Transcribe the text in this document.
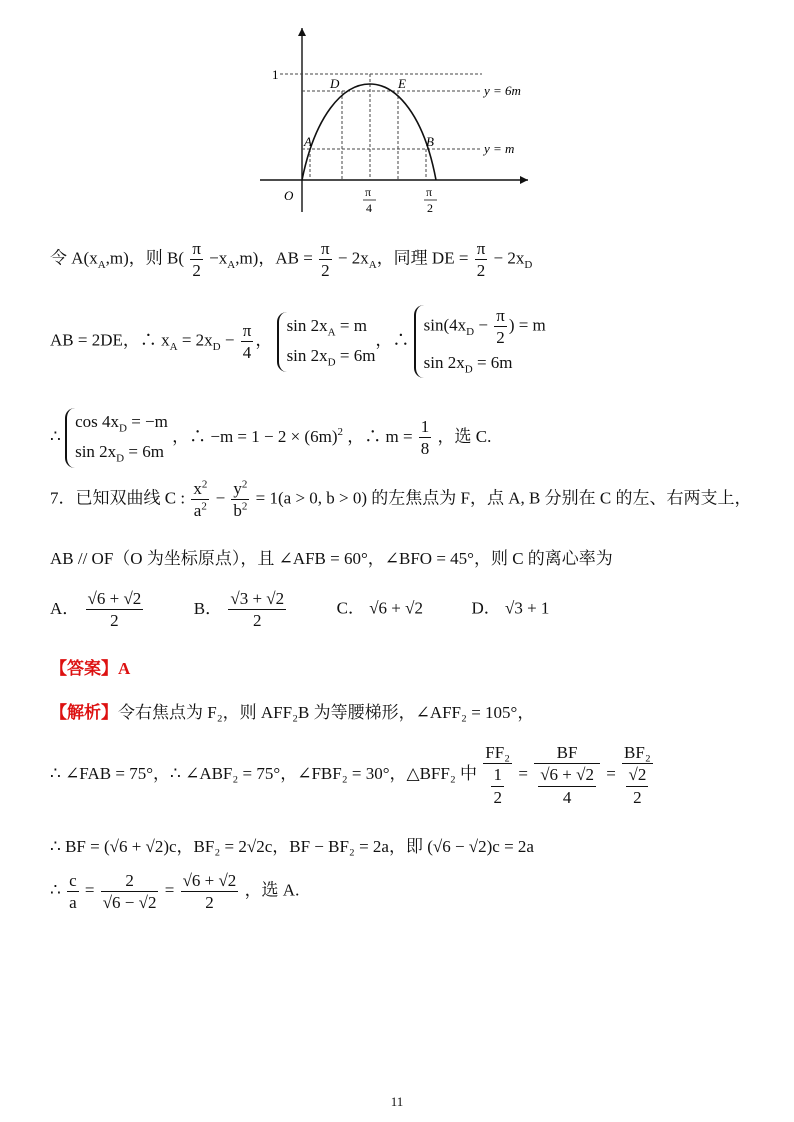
1
O
A	B
D	E	y = 6m
y = m
π
4
π
2
令 $A(x_A,m)$，则 $B( \frac{\pi}{2} -x_A,m)$，AB = $\frac{\pi}{2} - 2x_A$，同理 DE = $\frac{\pi}{2} - 2x_D$
AB = 2DE，∴ $x_A = 2x_D - \frac{\pi}{4}$ ，
$\sin 2x_A = m$
$\sin 2x_D = 6m$
，∴
$\sin(4x_D - \frac{\pi}{2}$ ) = m
$\sin 2x_D = 6m$
∴
$\cos 4x_D = -m$
$\sin 2x_D = 6m$
，∴ $-m = 1 - 2 \times (6m)^2$ ，∴ $m = \frac{1}{8}$ ，选 C.
7．已知双曲线 C : $\frac{x^2}{a^2} - \frac{y^2}{b^2} = 1(a > 0$, b > 0) 的左焦点为 F，点 A, B 分别在 C 的左、右两支上，
AB // OF（O 为坐标原点），且 ∠AFB = 60°，∠BFO = 45°，则 C 的离心率为
A． $\frac{√6 + √2}{2}$	B． $\frac{√3 + √2}{2}$	C． √6 + √2	D． √3 + 1
【答案】A
【解析】令右焦点为 F₂，则 AFF₂B 为等腰梯形，∠AFF₂ = 105°，
∴ ∠FAB = 75°，∴ ∠ABF₂ = 75°，∠FBF₂ = 30°，△BFF₂ 中 $\frac{\text{FF₂}}{\frac{1}{2}} = \frac{BF}{\frac{√6 + √2}{4}} = \frac{\text{BF₂}}{\frac{√2}{2}}$
∴ BF = (√6 + √2)c，BF₂ = 2√2c，BF − BF₂ = 2a，即 (√6 − √2)c = 2a
∴ $\frac{c}{a} = \frac{2}{√6 - √2} = \frac{√6 + √2}{2}$ ，选 A.
11
